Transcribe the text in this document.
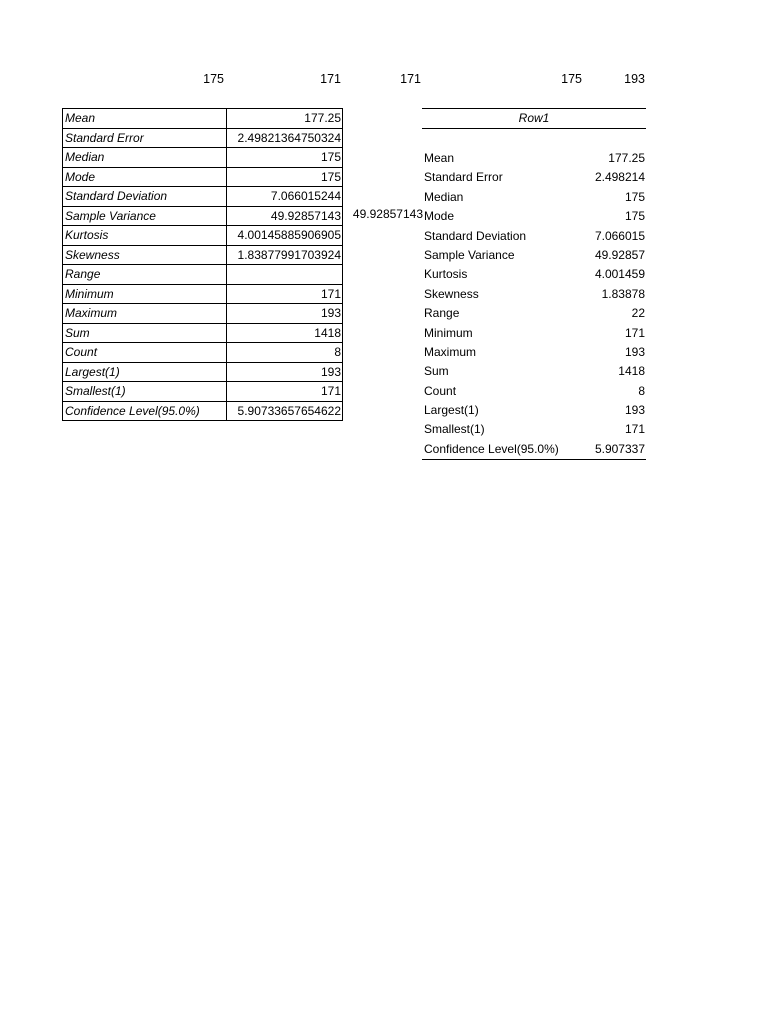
175	171	171	175	193
Mean	177.25
Standard Error	2.49821364750324
Median	175
Mode	175
Standard Deviation	7.066015244
Sample Variance	49.92857143
Kurtosis	4.00145885906905
Skewness	1.83877991703924
Range	
Minimum	171
Maximum	193
Sum	1418
Count	8
Largest(1)	193
Smallest(1)	171
Confidence Level(95.0%)	5.90733657654622
49.92857143
Row1
Mean	177.25
Standard Error	2.498214
Median	175
Mode	175
Standard Deviation	7.066015
Sample Variance	49.92857
Kurtosis	4.001459
Skewness	1.83878
Range	22
Minimum	171
Maximum	193
Sum	1418
Count	8
Largest(1)	193
Smallest(1)	171
Confidence Level(95.0%)	5.907337
